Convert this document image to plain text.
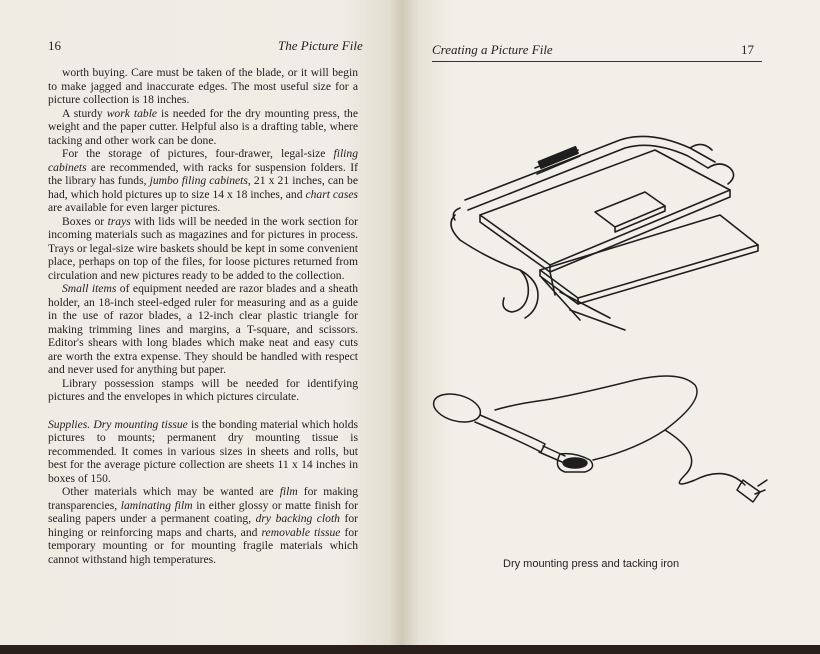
16	The Picture File

worth buying. Care must be taken of the blade, or it will begin to make jagged and inaccurate edges. The most useful size for a picture collection is 18 inches.

A sturdy work table is needed for the dry mounting press, the weight and the paper cutter. Helpful also is a drafting table, where tacking and other work can be done.

For the storage of pictures, four-drawer, legal-size filing cabinets are recommended, with racks for suspension folders. If the library has funds, jumbo filing cabinets, 21 x 21 inches, can be had, which hold pictures up to size 14 x 18 inches, and chart cases are available for even larger pictures.

Boxes or trays with lids will be needed in the work section for incoming materials such as magazines and for pictures in process. Trays or legal-size wire baskets should be kept in some convenient place, perhaps on top of the files, for loose pictures returned from circulation and new pictures ready to be added to the collection.

Small items of equipment needed are razor blades and a sheath holder, an 18-inch steel-edged ruler for measuring and as a guide in the use of razor blades, a 12-inch clear plastic triangle for making trimming lines and margins, a T-square, and scissors. Editor's shears with long blades which make neat and easy cuts are worth the extra expense. They should be handled with respect and never used for anything but paper.

Library possession stamps will be needed for identifying pictures and the envelopes in which pictures circulate.

Supplies. Dry mounting tissue is the bonding material which holds pictures to mounts; permanent dry mounting tissue is recommended. It comes in various sizes in sheets and rolls, but best for the average picture collection are sheets 11 x 14 inches in boxes of 150.

Other materials which may be wanted are film for making transparencies, laminating film in either glossy or matte finish for sealing papers under a permanent coating, dry backing cloth for hinging or reinforcing maps and charts, and removable tissue for temporary mounting or for mounting fragile materials which cannot withstand high temperatures.

Creating a Picture File	17
Dry mounting press and tacking iron
